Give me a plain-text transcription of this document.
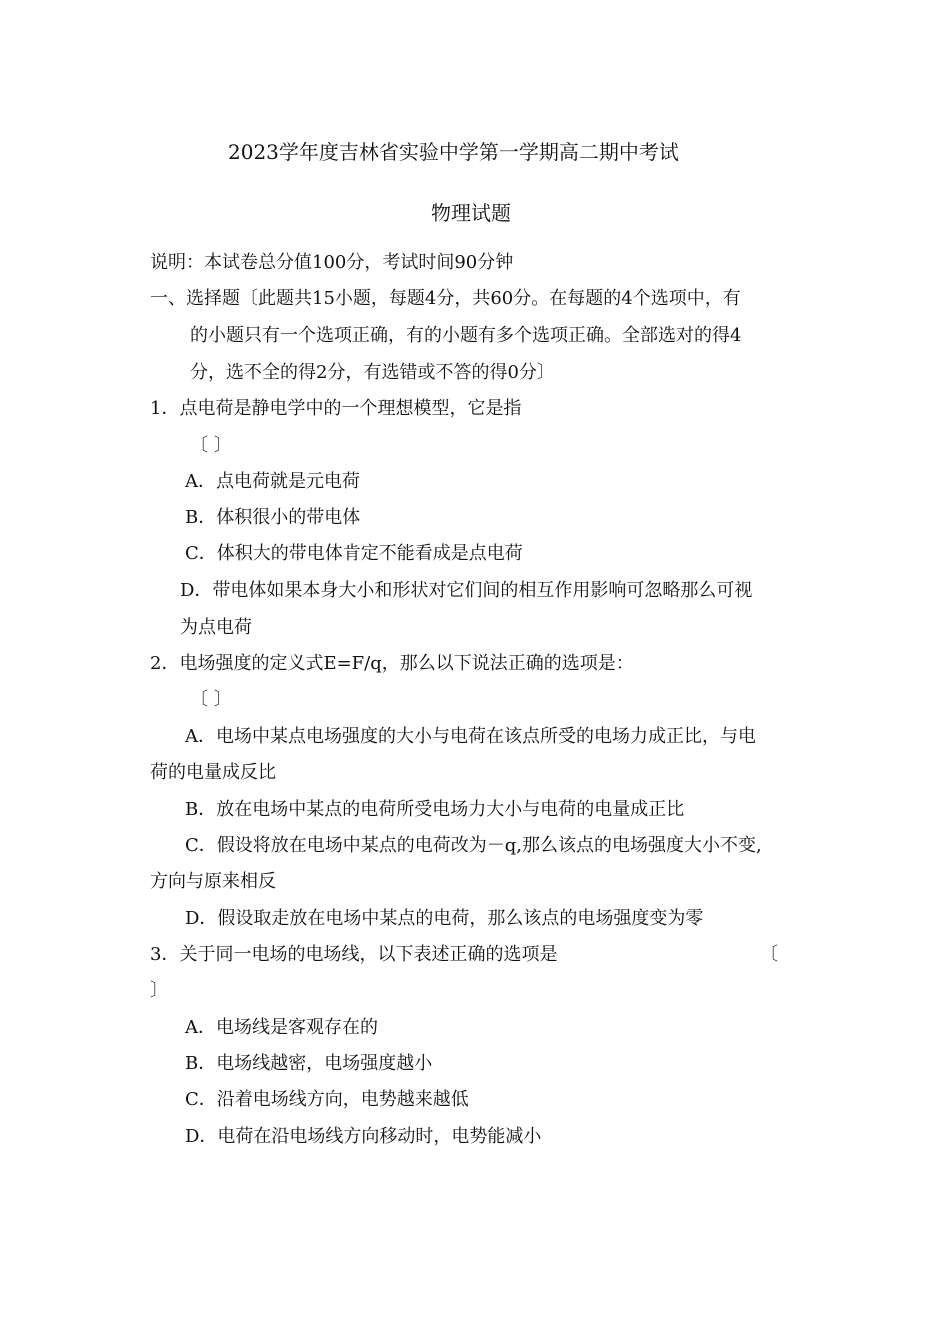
2023学年度吉林省实验中学第一学期高二期中考试
物理试题
说明：本试卷总分值100分，考试时间90分钟
一、选择题〔此题共15小题，每题4分，共60分。在每题的4个选项中，有
的小题只有一个选项正确，有的小题有多个选项正确。全部选对的得4
分，选不全的得2分，有选错或不答的得0分〕
1．点电荷是静电学中的一个理想模型，它是指
〔 〕
A．点电荷就是元电荷
B．体积很小的带电体
C．体积大的带电体肯定不能看成是点电荷
D．带电体如果本身大小和形状对它们间的相互作用影响可忽略那么可视
为点电荷
2．电场强度的定义式E=F/q，那么以下说法正确的选项是：
〔 〕
A．电场中某点电场强度的大小与电荷在该点所受的电场力成正比，与电
荷的电量成反比
B．放在电场中某点的电荷所受电场力大小与电荷的电量成正比
C．假设将放在电场中某点的电荷改为－q,那么该点的电场强度大小不变,
方向与原来相反
D．假设取走放在电场中某点的电荷，那么该点的电场强度变为零
3．关于同一电场的电场线，以下表述正确的选项是	〔
〕
A．电场线是客观存在的
B．电场线越密，电场强度越小
C．沿着电场线方向，电势越来越低
D．电荷在沿电场线方向移动时，电势能减小
